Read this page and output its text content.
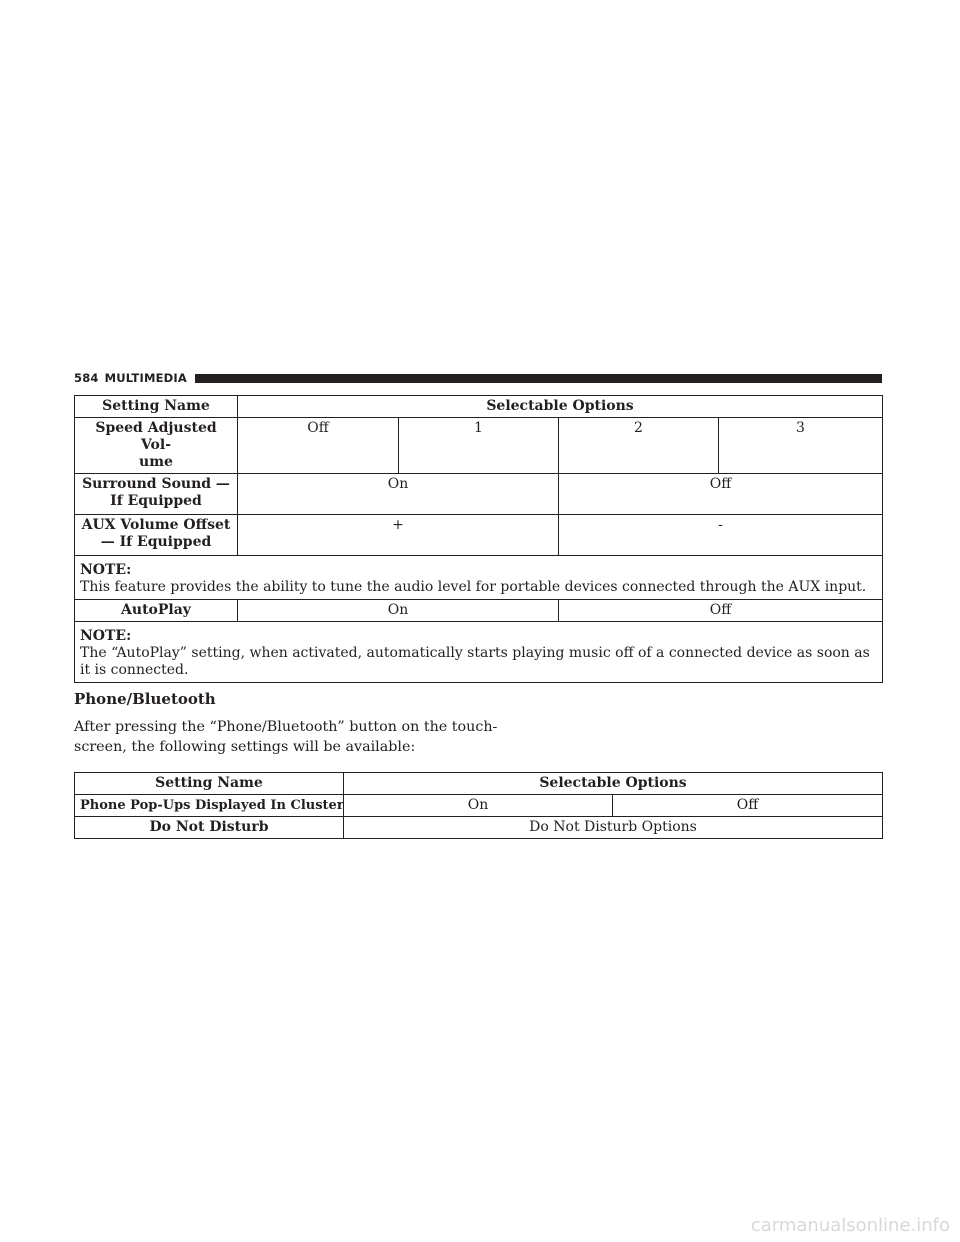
584 MULTIMEDIA
Setting Name	Selectable Options			

Speed Adjusted Vol-
ume	Off	1	2	3

Surround Sound —
If Equipped	On		Off	

AUX Volume Offset
— If Equipped	+		-	

NOTE:
This feature provides the ability to tune the audio level for portable devices connected through the AUX input.				

AutoPlay	On		Off	

NOTE:
The “AutoPlay” setting, when activated, automatically starts playing music off of a connected device as soon as it is connected.				
Phone/Bluetooth
After pressing the “Phone/Bluetooth” button on the touch-
screen, the following settings will be available:
Setting Name	Selectable Options	
Phone Pop-Ups Displayed In Cluster	On	Off
Do Not Disturb	Do Not Disturb Options	
carmanualsonline.info
